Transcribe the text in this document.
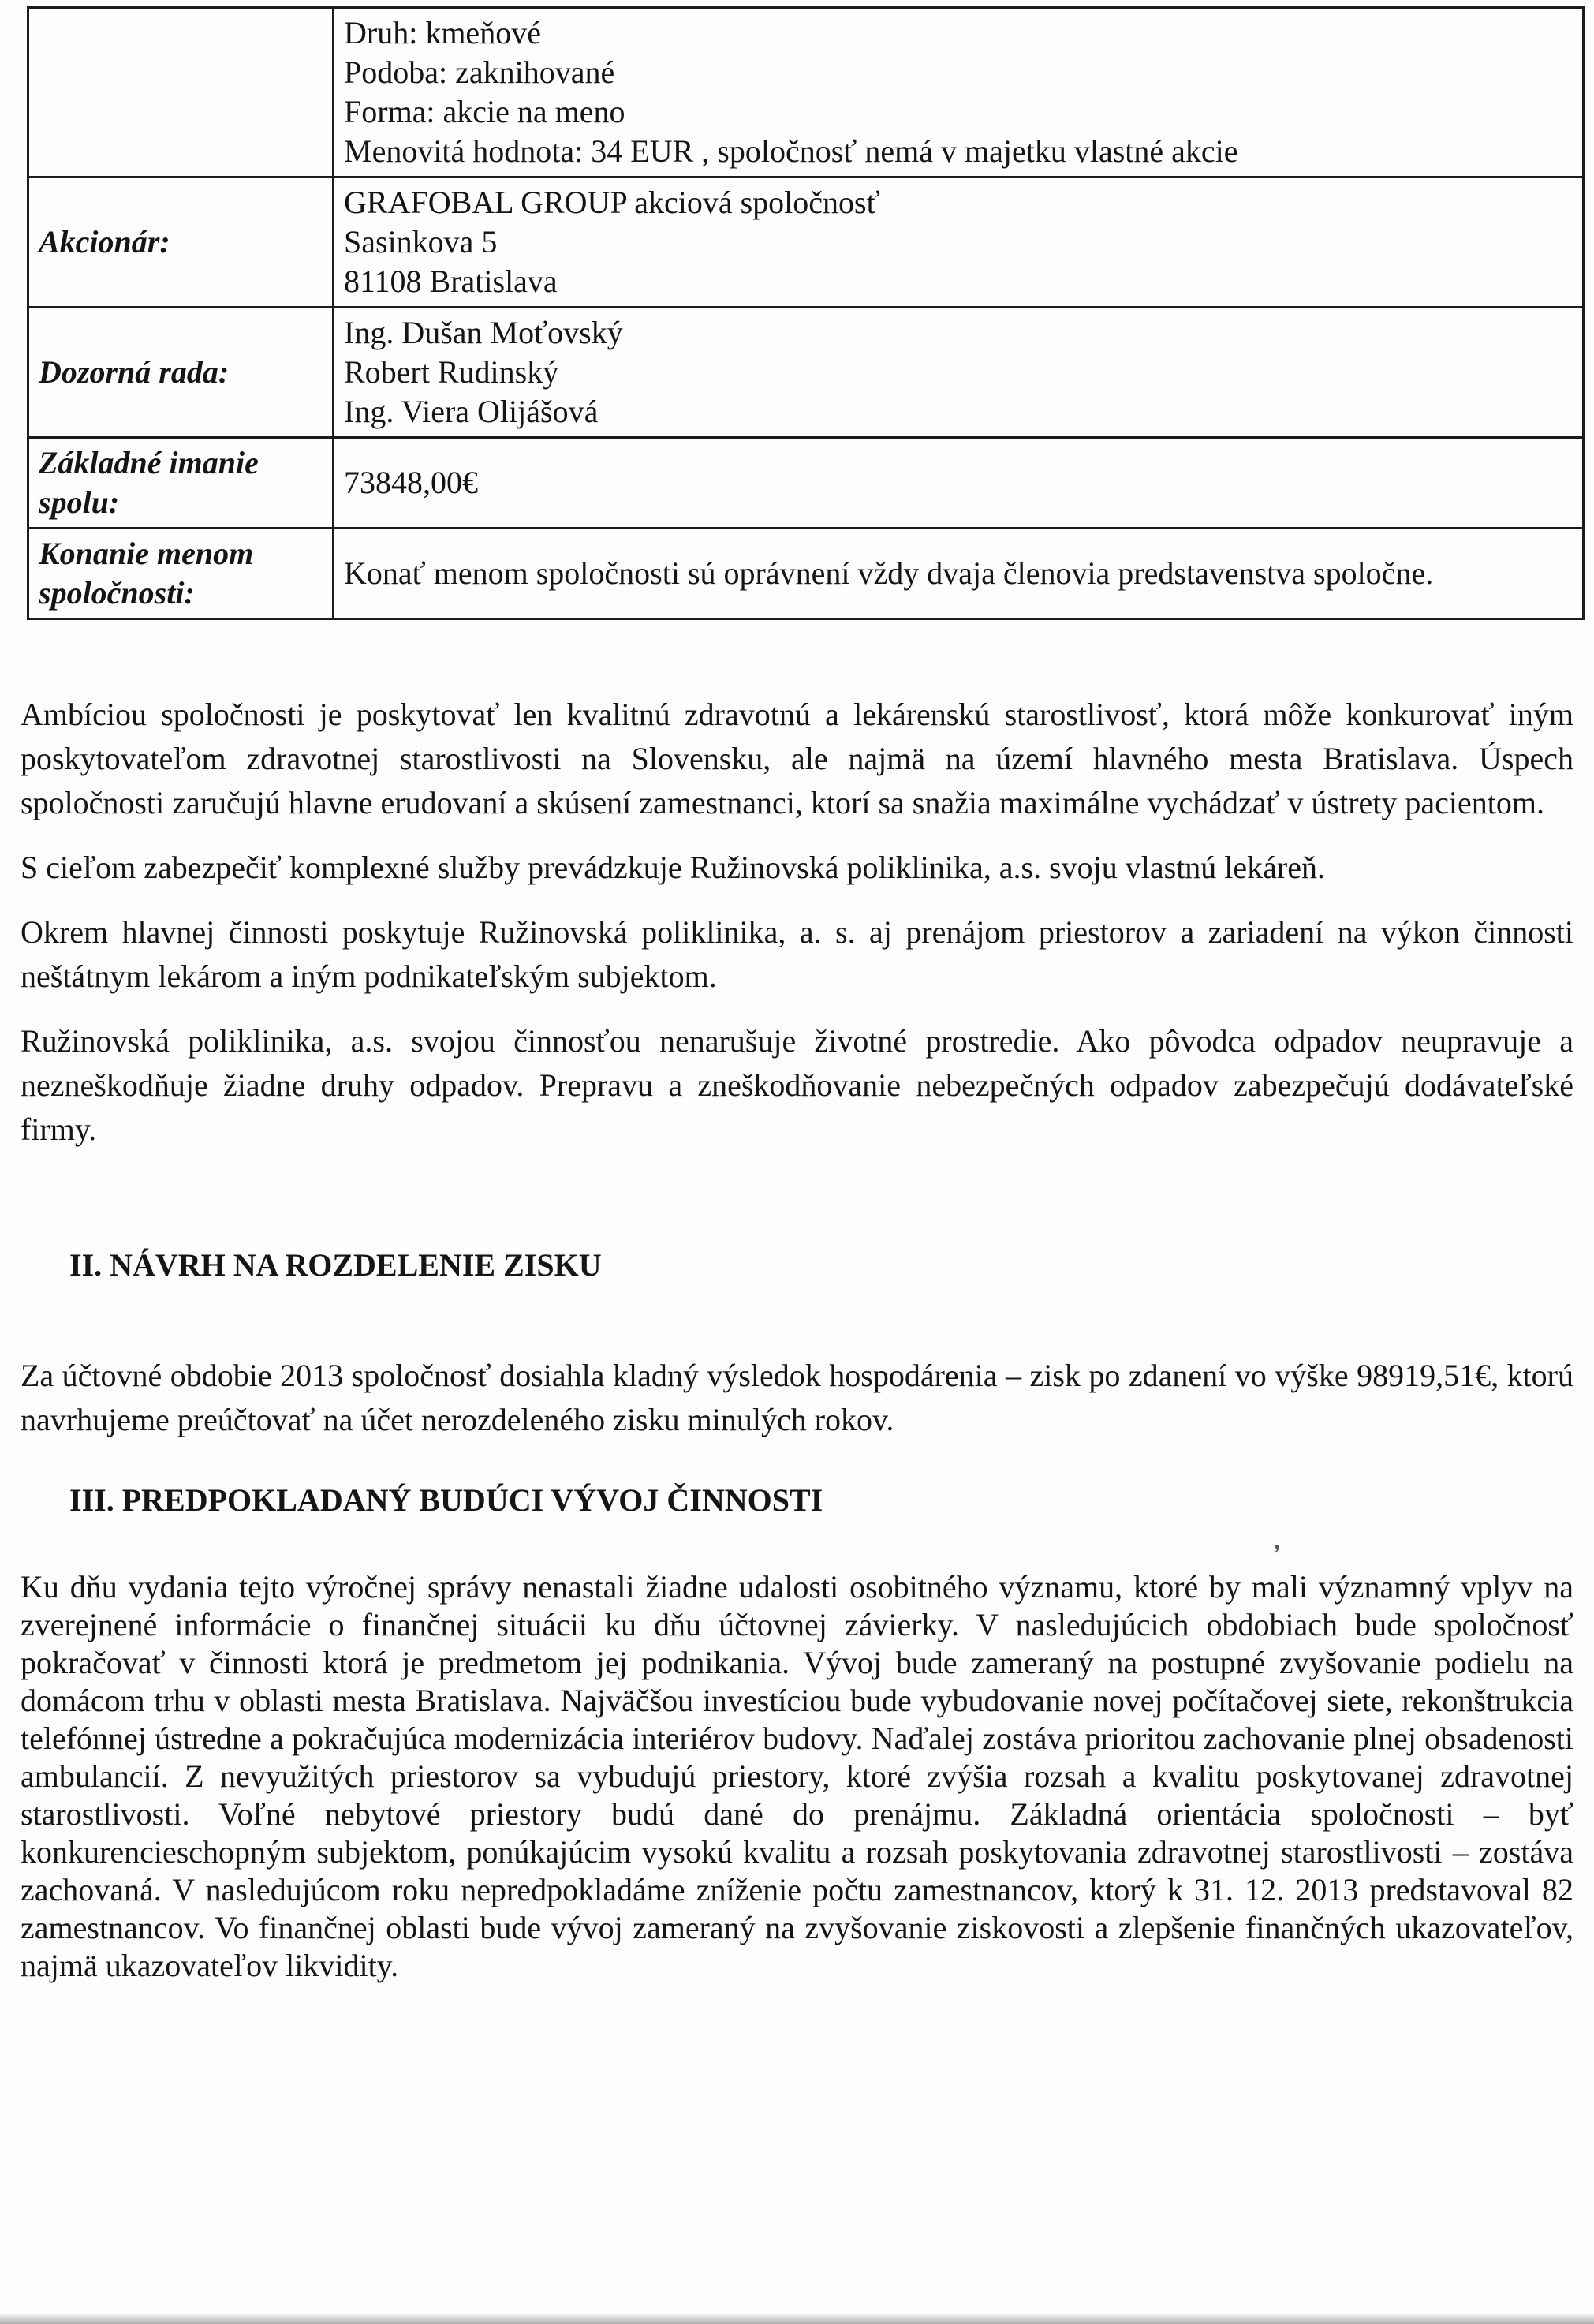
	Druh: kmeňové
Podoba: zaknihované
Forma: akcie na meno
Menovitá hodnota: 34 EUR , spoločnosť nemá v majetku vlastné akcie

Akcionár:	GRAFOBAL GROUP akciová spoločnosť
Sasinkova 5
81108 Bratislava

Dozorná rada:	Ing. Dušan Moťovský
Robert Rudinský
Ing. Viera Olijášová

Základné imanie spolu:	73848,00€

Konanie menom spoločnosti:	Konať menom spoločnosti sú oprávnení vždy dvaja členovia predstavenstva spoločne.

Ambíciou spoločnosti je poskytovať len kvalitnú zdravotnú a lekárenskú starostlivosť, ktorá môže konkurovať iným poskytovateľom zdravotnej starostlivosti na Slovensku, ale najmä na území hlavného mesta Bratislava. Úspech spoločnosti zaručujú hlavne erudovaní a skúsení zamestnanci, ktorí sa snažia maximálne vychádzať v ústrety pacientom.

S cieľom zabezpečiť komplexné služby prevádzkuje Ružinovská poliklinika, a.s. svoju vlastnú lekáreň.

Okrem hlavnej činnosti poskytuje Ružinovská poliklinika, a. s. aj prenájom priestorov a zariadení na výkon činnosti neštátnym lekárom a iným podnikateľským subjektom.

Ružinovská poliklinika, a.s. svojou činnosťou nenarušuje životné prostredie. Ako pôvodca odpadov neupravuje a nezneškodňuje žiadne druhy odpadov. Prepravu a zneškodňovanie nebezpečných odpadov zabezpečujú dodávateľské firmy.

II. NÁVRH NA ROZDELENIE ZISKU

Za účtovné obdobie 2013 spoločnosť dosiahla kladný výsledok hospodárenia – zisk po zdanení vo výške 98919,51€, ktorú navrhujeme preúčtovať na účet nerozdeleného zisku minulých rokov.

III. PREDPOKLADANÝ BUDÚCI VÝVOJ ČINNOSTI

Ku dňu vydania tejto výročnej správy nenastali žiadne udalosti osobitného významu, ktoré by mali významný vplyv na zverejnené informácie o finančnej situácii ku dňu účtovnej závierky. V nasledujúcich obdobiach bude spoločnosť pokračovať v činnosti ktorá je predmetom jej podnikania. Vývoj bude zameraný na postupné zvyšovanie podielu na domácom trhu v oblasti mesta Bratislava. Najväčšou investíciou bude vybudovanie novej počítačovej siete, rekonštrukcia telefónnej ústredne a pokračujúca modernizácia interiérov budovy. Naďalej zostáva prioritou zachovanie plnej obsadenosti ambulancií. Z nevyužitých priestorov sa vybudujú priestory, ktoré zvýšia rozsah a kvalitu poskytovanej zdravotnej starostlivosti. Voľné nebytové priestory budú dané do prenájmu. Základná orientácia spoločnosti – byť konkurencieschopným subjektom, ponúkajúcim vysokú kvalitu a rozsah poskytovania zdravotnej starostlivosti – zostáva zachovaná. V nasledujúcom roku nepredpokladáme zníženie počtu zamestnancov, ktorý k 31. 12. 2013 predstavoval 82 zamestnancov. Vo finančnej oblasti bude vývoj zameraný na zvyšovanie ziskovosti a zlepšenie finančných ukazovateľov, najmä ukazovateľov likvidity.

’
